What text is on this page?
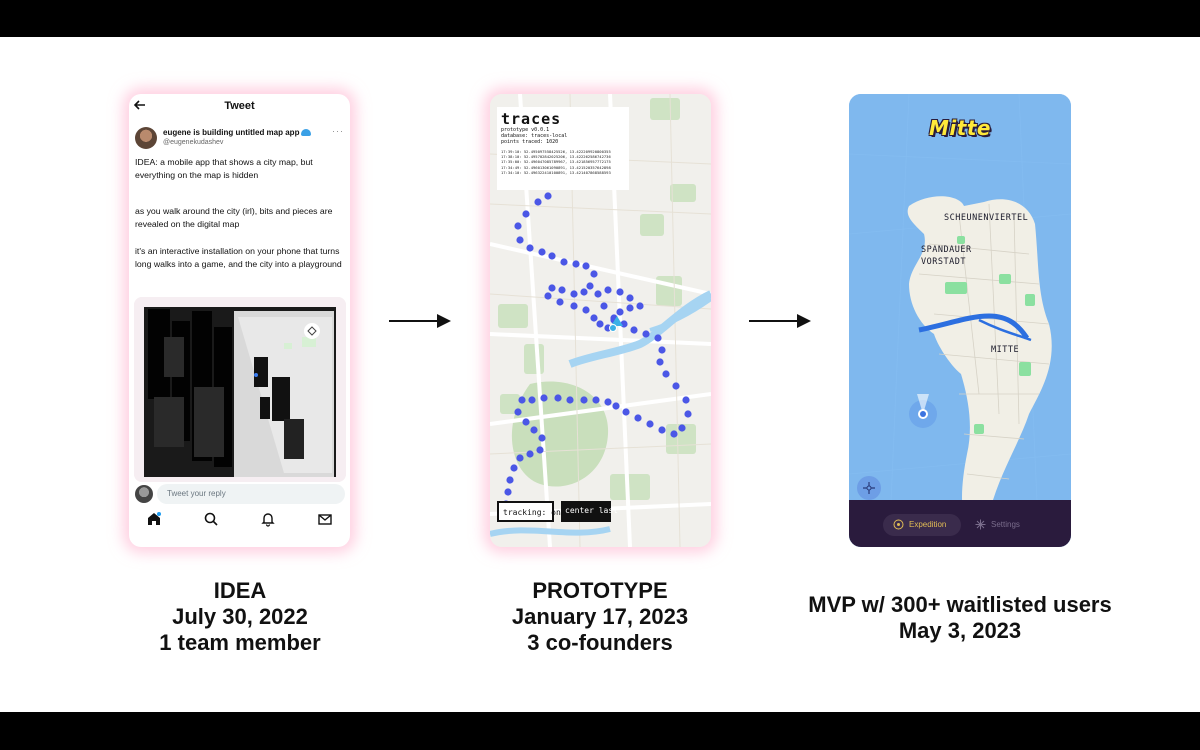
Tweet
eugene is building untitled map app
@eugenekudashev
···
IDEA: a mobile app that shows a city map, but everything on the map is hidden
as you walk around the city (irl), bits and pieces are revealed on the digital map
it's an interactive installation on your phone that turns long walks into a game, and the city into a playground
Tweet your reply
traces
prototype v0.0.1
database: traces-local
points traced: 1020
17:39:10: 52.495097558425526, 13.422209920800355
17:38:10: 52.495702842025206, 13.422262586742736
17:35:00: 52.496047085789967, 13.421856957772175
17:34:49: 52.496013061090891, 13.421520357642898
17:34:10: 52.496322410100891, 13.421407868588593
tracking: on center last
Mitte
SCHEUNENVIERTEL
SPANDAUER
VORSTADT
MITTE
Expedition	Settings
IDEA
July 30, 2022
1 team member
PROTOTYPE
January 17, 2023
3 co-founders
MVP w/ 300+ waitlisted users
May 3, 2023
